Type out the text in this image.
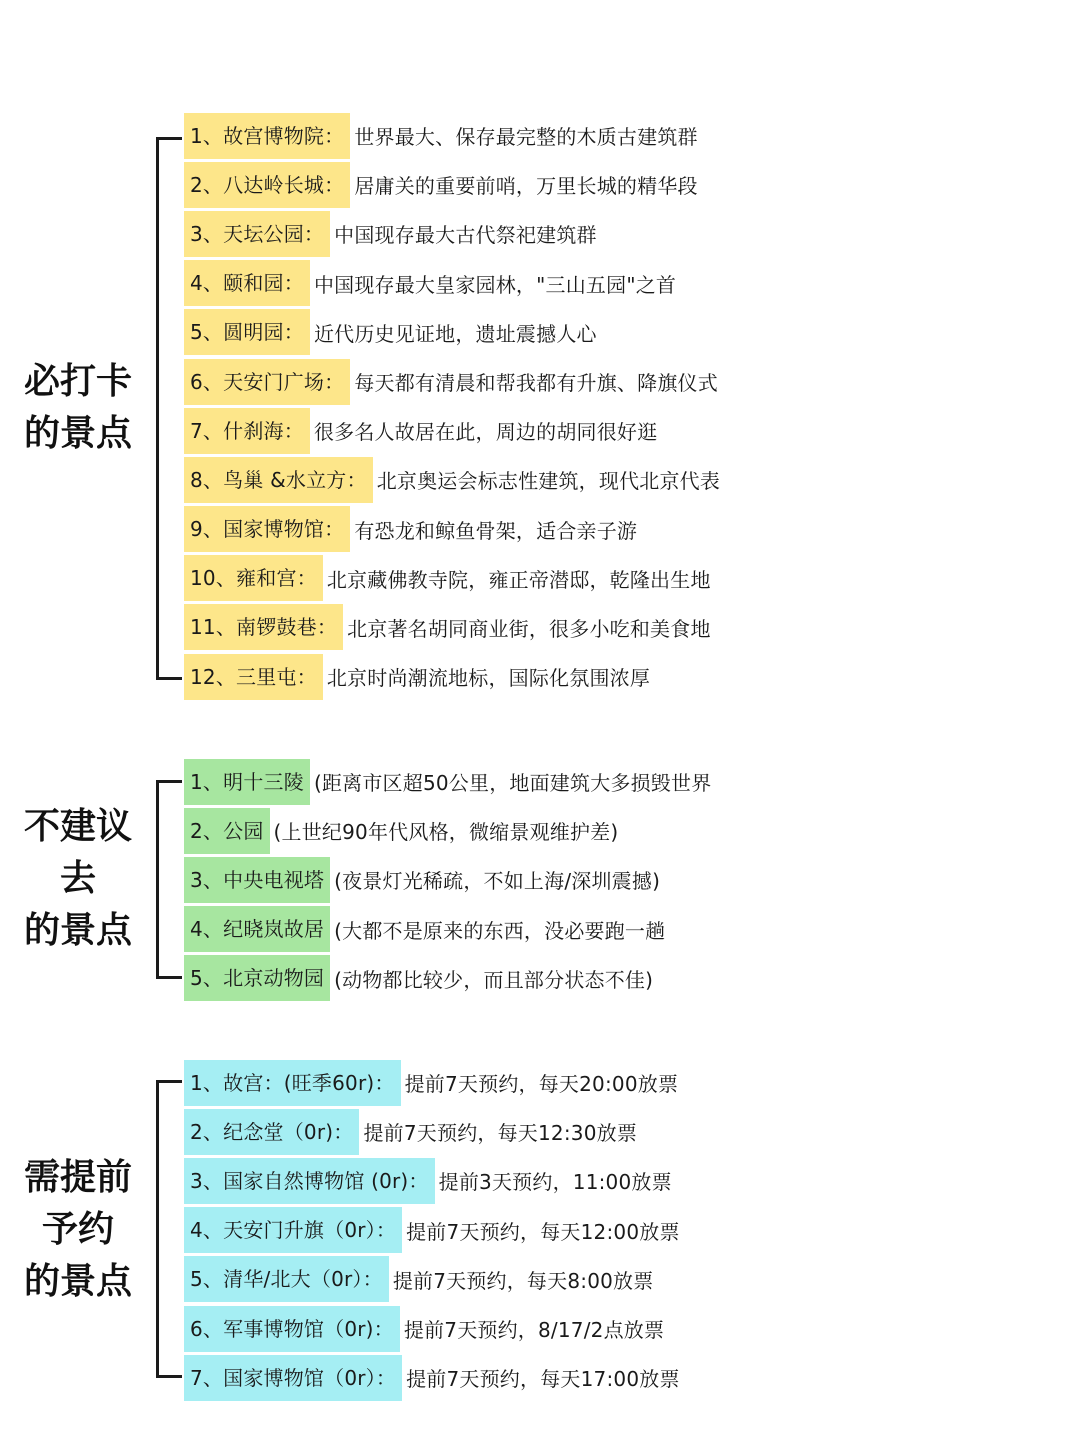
必打卡
的景点
1、故宫博物院： 世界最大、保存最完整的木质古建筑群
2、八达岭长城： 居庸关的重要前哨，万里长城的精华段
3、天坛公园： 中国现存最大古代祭祀建筑群
4、颐和园： 中国现存最大皇家园林，"三山五园"之首
5、圆明园： 近代历史见证地，遗址震撼人心
6、天安门广场： 每天都有清晨和帮我都有升旗、降旗仪式
7、什刹海： 很多名人故居在此，周边的胡同很好逛
8、鸟巢 &水立方： 北京奥运会标志性建筑，现代北京代表
9、国家博物馆： 有恐龙和鲸鱼骨架，适合亲子游
10、雍和宫： 北京藏佛教寺院，雍正帝潜邸，乾隆出生地
11、南锣鼓巷： 北京著名胡同商业街，很多小吃和美食地
12、三里屯： 北京时尚潮流地标，国际化氛围浓厚
不建议
去
的景点
1、明十三陵 (距离市区超50公里，地面建筑大多损毁世界
2、公园 (上世纪90年代风格，微缩景观维护差)
3、中央电视塔 (夜景灯光稀疏，不如上海/深圳震撼)
4、纪晓岚故居 (大都不是原来的东西，没必要跑一趟
5、北京动物园 (动物都比较少，而且部分状态不佳)
需提前
予约
的景点
1、故宫：(旺季60r)： 提前7天预约，每天20:00放票
2、纪念堂（0r)： 提前7天预约，每天12:30放票
3、国家自然博物馆 (0r)： 提前3天预约，11:00放票
4、天安门升旗（0r）： 提前7天预约，每天12:00放票
5、清华/北大（0r）： 提前7天预约，每天8:00放票
6、军事博物馆（0r)： 提前7天预约，8/17/2点放票
7、国家博物馆（0r）： 提前7天预约，每天17:00放票
